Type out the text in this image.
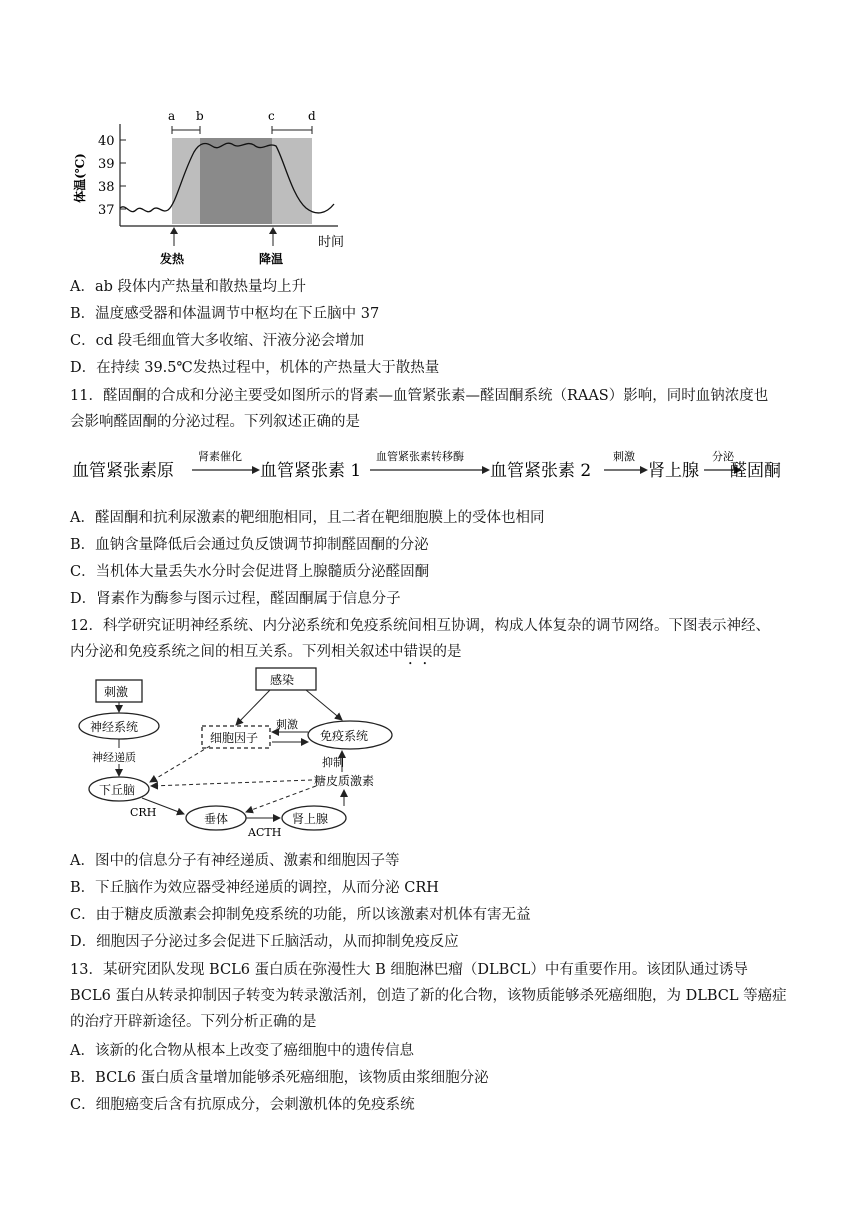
40
39
38
37
体温(℃)
时间
a b	c	d
发热	降温
A．ab 段体内产热量和散热量均上升
B．温度感受器和体温调节中枢均在下丘脑中 37
C．cd 段毛细血管大多收缩、汗液分泌会增加
D．在持续 39.5℃发热过程中，机体的产热量大于散热量
11．醛固酮的合成和分泌主要受如图所示的肾素—血管紧张素—醛固酮系统（RAAS）影响，同时血钠浓度也
会影响醛固酮的分泌过程。下列叙述正确的是
血管紧张素原
肾素催化
血管紧张素 1
血管紧张素转移酶
血管紧张素 2
刺激
肾上腺
分泌
醛固酮
A．醛固酮和抗利尿激素的靶细胞相同，且二者在靶细胞膜上的受体也相同
B．血钠含量降低后会通过负反馈调节抑制醛固酮的分泌
C．当机体大量丢失水分时会促进肾上腺髓质分泌醛固酮
D．肾素作为酶参与图示过程，醛固酮属于信息分子
12．科学研究证明神经系统、内分泌系统和免疫系统间相互协调，构成人体复杂的调节网络。下图表示神经、
内分泌和免疫系统之间的相互关系。下列相关叙述中错误的是
刺激
感染
神经系统
细胞因子	免疫系统
神经递质
刺激
抑制
糖皮质激素
下丘脑
垂体	肾上腺
CRH
ACTH
A．图中的信息分子有神经递质、激素和细胞因子等
B．下丘脑作为效应器受神经递质的调控，从而分泌 CRH
C．由于糖皮质激素会抑制免疫系统的功能，所以该激素对机体有害无益
D．细胞因子分泌过多会促进下丘脑活动，从而抑制免疫反应
13．某研究团队发现 BCL6 蛋白质在弥漫性大 B 细胞淋巴瘤（DLBCL）中有重要作用。该团队通过诱导 BCL6 蛋白从转录抑制因子转变为转录激活剂，创造了新的化合物，该物质能够杀死癌细胞，为 DLBCL 等癌症的治疗开辟新途径。下列分析正确的是
A．该新的化合物从根本上改变了癌细胞中的遗传信息
B．BCL6 蛋白质含量增加能够杀死癌细胞，该物质由浆细胞分泌
C．细胞癌变后含有抗原成分，会刺激机体的免疫系统
